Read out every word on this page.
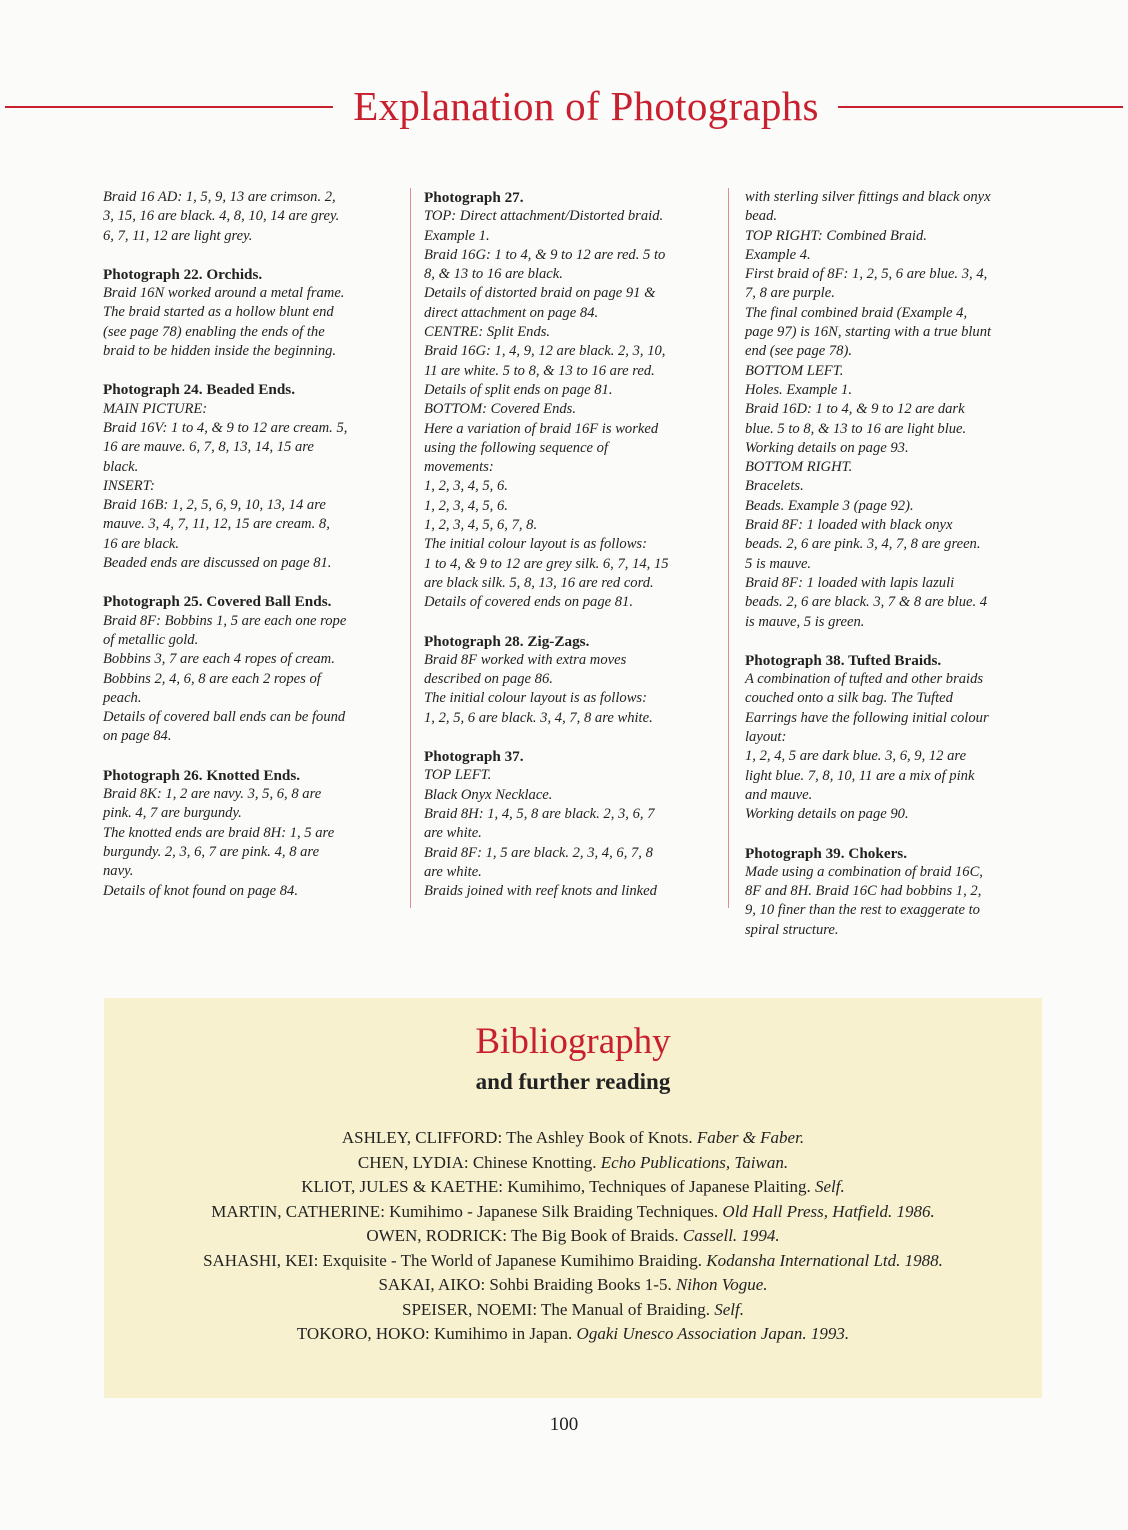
Explanation of Photographs

Braid 16 AD: 1, 5, 9, 13 are crimson. 2,

3, 15, 16 are black. 4, 8, 10, 14 are grey.

6, 7, 11, 12 are light grey.

Photograph 22. Orchids.

Braid 16N worked around a metal frame.

The braid started as a hollow blunt end

(see page 78) enabling the ends of the

braid to be hidden inside the beginning.

Photograph 24. Beaded Ends.

MAIN PICTURE:

Braid 16V: 1 to 4, & 9 to 12 are cream. 5,

16 are mauve. 6, 7, 8, 13, 14, 15 are

black.

INSERT:

Braid 16B: 1, 2, 5, 6, 9, 10, 13, 14 are

mauve. 3, 4, 7, 11, 12, 15 are cream. 8,

16 are black.

Beaded ends are discussed on page 81.

Photograph 25. Covered Ball Ends.

Braid 8F: Bobbins 1, 5 are each one rope

of metallic gold.

Bobbins 3, 7 are each 4 ropes of cream.

Bobbins 2, 4, 6, 8 are each 2 ropes of

peach.

Details of covered ball ends can be found

on page 84.

Photograph 26. Knotted Ends.

Braid 8K: 1, 2 are navy. 3, 5, 6, 8 are

pink. 4, 7 are burgundy.

The knotted ends are braid 8H: 1, 5 are

burgundy. 2, 3, 6, 7 are pink. 4, 8 are

navy.

Details of knot found on page 84.

Photograph 27.

TOP: Direct attachment/Distorted braid.

Example 1.

Braid 16G: 1 to 4, & 9 to 12 are red. 5 to

8, & 13 to 16 are black.

Details of distorted braid on page 91 &

direct attachment on page 84.

CENTRE: Split Ends.

Braid 16G: 1, 4, 9, 12 are black. 2, 3, 10,

11 are white. 5 to 8, & 13 to 16 are red.

Details of split ends on page 81.

BOTTOM: Covered Ends.

Here a variation of braid 16F is worked

using the following sequence of

movements:

1, 2, 3, 4, 5, 6.

1, 2, 3, 4, 5, 6.

1, 2, 3, 4, 5, 6, 7, 8.

The initial colour layout is as follows:

1 to 4, & 9 to 12 are grey silk. 6, 7, 14, 15

are black silk. 5, 8, 13, 16 are red cord.

Details of covered ends on page 81.

Photograph 28. Zig-Zags.

Braid 8F worked with extra moves

described on page 86.

The initial colour layout is as follows:

1, 2, 5, 6 are black. 3, 4, 7, 8 are white.

Photograph 37.

TOP LEFT.

Black Onyx Necklace.

Braid 8H: 1, 4, 5, 8 are black. 2, 3, 6, 7

are white.

Braid 8F: 1, 5 are black. 2, 3, 4, 6, 7, 8

are white.

Braids joined with reef knots and linked

with sterling silver fittings and black onyx

bead.

TOP RIGHT: Combined Braid.

Example 4.

First braid of 8F: 1, 2, 5, 6 are blue. 3, 4,

7, 8 are purple.

The final combined braid (Example 4,

page 97) is 16N, starting with a true blunt

end (see page 78).

BOTTOM LEFT.

Holes. Example 1.

Braid 16D: 1 to 4, & 9 to 12 are dark

blue. 5 to 8, & 13 to 16 are light blue.

Working details on page 93.

BOTTOM RIGHT.

Bracelets.

Beads. Example 3 (page 92).

Braid 8F: 1 loaded with black onyx

beads. 2, 6 are pink. 3, 4, 7, 8 are green.

5 is mauve.

Braid 8F: 1 loaded with lapis lazuli

beads. 2, 6 are black. 3, 7 & 8 are blue. 4

is mauve, 5 is green.

Photograph 38. Tufted Braids.

A combination of tufted and other braids

couched onto a silk bag. The Tufted

Earrings have the following initial colour

layout:

1, 2, 4, 5 are dark blue. 3, 6, 9, 12 are

light blue. 7, 8, 10, 11 are a mix of pink

and mauve.

Working details on page 90.

Photograph 39. Chokers.

Made using a combination of braid 16C,

8F and 8H. Braid 16C had bobbins 1, 2,

9, 10 finer than the rest to exaggerate to

spiral structure.

Bibliography
and further reading
ASHLEY, CLIFFORD: The Ashley Book of Knots. Faber & Faber.
CHEN, LYDIA: Chinese Knotting. Echo Publications, Taiwan.
KLIOT, JULES & KAETHE: Kumihimo, Techniques of Japanese Plaiting. Self.
MARTIN, CATHERINE: Kumihimo - Japanese Silk Braiding Techniques. Old Hall Press, Hatfield. 1986.
OWEN, RODRICK: The Big Book of Braids. Cassell. 1994.
SAHASHI, KEI: Exquisite - The World of Japanese Kumihimo Braiding. Kodansha International Ltd. 1988.
SAKAI, AIKO: Sohbi Braiding Books 1-5. Nihon Vogue.
SPEISER, NOEMI: The Manual of Braiding. Self.
TOKORO, HOKO: Kumihimo in Japan. Ogaki Unesco Association Japan. 1993.
100
